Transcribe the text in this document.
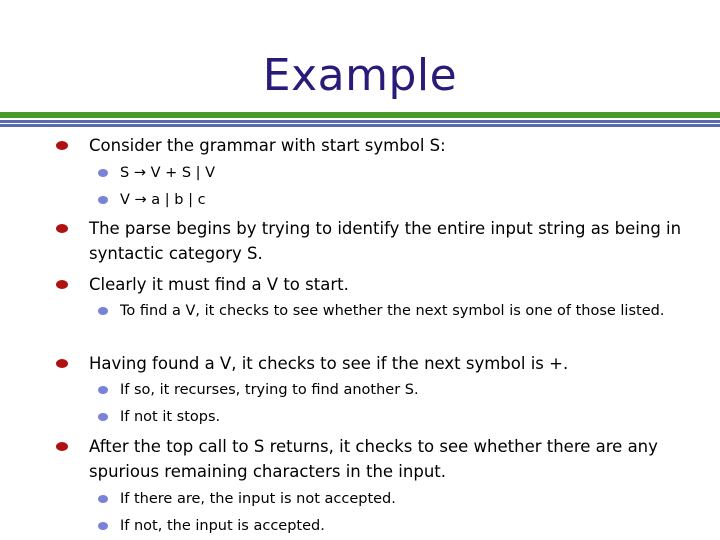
Example
Consider the grammar with start symbol S:
S → V + S | V
V → a | b | c
The parse begins by trying to identify the entire input string as being in syntactic category S.
Clearly it must find a V to start.
To find a V, it checks to see whether the next symbol is one of those listed.
Having found a V, it checks to see if the next symbol is +.
If so, it recurses, trying to find another S.
If not it stops.
After the top call to S returns, it checks to see whether there are any spurious remaining characters in the input.
If there are, the input is not accepted.
If not, the input is accepted.
